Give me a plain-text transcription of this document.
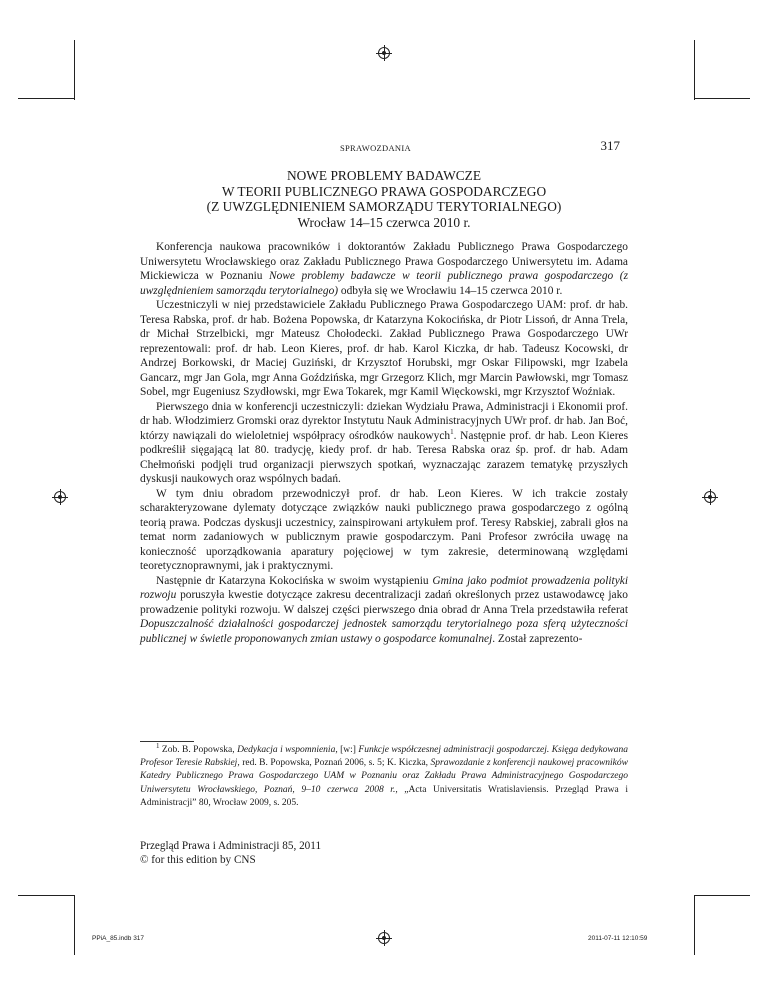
SPRAWOZDANIA	317
NOWE PROBLEMY BADAWCZE
W TEORII PUBLICZNEGO PRAWA GOSPODARCZEGO
(Z UWZGLĘDNIENIEM SAMORZĄDU TERYTORIALNEGO)
Wrocław 14–15 czerwca 2010 r.

Konferencja naukowa pracowników i doktorantów Zakładu Publicznego Prawa Gospodarczego Uniwersytetu Wrocławskiego oraz Zakładu Publicznego Prawa Gospodarczego Uniwersytetu im. Adama Mickiewicza w Poznaniu Nowe problemy badawcze w teorii publicznego prawa gospodarczego (z uwzględnieniem samorządu terytorialnego) odbyła się we Wrocławiu 14–15 czerwca 2010 r.

Uczestniczyli w niej przedstawiciele Zakładu Publicznego Prawa Gospodarczego UAM: prof. dr hab. Teresa Rabska, prof. dr hab. Bożena Popowska, dr Katarzyna Kokocińska, dr Piotr Lissoń, dr Anna Trela, dr Michał Strzelbicki, mgr Mateusz Chołodecki. Zakład Publicznego Prawa Gospodarczego UWr reprezentowali: prof. dr hab. Leon Kieres, prof. dr hab. Karol Kiczka, dr hab. Tadeusz Kocowski, dr Andrzej Borkowski, dr Maciej Guziński, dr Krzysztof Horubski, mgr Oskar Filipowski, mgr Izabela Gancarz, mgr Jan Gola, mgr Anna Goździńska, mgr Grzegorz Klich, mgr Marcin Pawłowski, mgr Tomasz Sobel, mgr Eugeniusz Szydłowski, mgr Ewa Tokarek, mgr Kamil Więckowski, mgr Krzysztof Woźniak.

Pierwszego dnia w konferencji uczestniczyli: dziekan Wydziału Prawa, Administracji i Ekonomii prof. dr hab. Włodzimierz Gromski oraz dyrektor Instytutu Nauk Administracyjnych UWr prof. dr hab. Jan Boć, którzy nawiązali do wieloletniej współpracy ośrodków naukowych$^1$. Następnie prof. dr hab. Leon Kieres podkreślił sięgającą lat 80. tradycję, kiedy prof. dr hab. Teresa Rabska oraz śp. prof. dr hab. Adam Chełmoński podjęli trud organizacji pierwszych spotkań, wyznaczając zarazem tematykę przyszłych dyskusji naukowych oraz wspólnych badań.

W tym dniu obradom przewodniczył prof. dr hab. Leon Kieres. W ich trakcie zostały scharakteryzowane dylematy dotyczące związków nauki publicznego prawa gospodarczego z ogólną teorią prawa. Podczas dyskusji uczestnicy, zainspirowani artykułem prof. Teresy Rabskiej, zabrali głos na temat norm zadaniowych w publicznym prawie gospodarczym. Pani Profesor zwróciła uwagę na konieczność uporządkowania aparatury pojęciowej w tym zakresie, determinowaną względami teoretycznoprawnymi, jak i praktycznymi.

Następnie dr Katarzyna Kokocińska w swoim wystąpieniu Gmina jako podmiot prowadzenia polityki rozwoju poruszyła kwestie dotyczące zakresu decentralizacji zadań określonych przez ustawodawcę jako prowadzenie polityki rozwoju. W dalszej części pierwszego dnia obrad dr Anna Trela przedstawiła referat Dopuszczalność działalności gospodarczej jednostek samorządu terytorialnego poza sferą użyteczności publicznej w świetle proponowanych zmian ustawy o gospodarce komunalnej. Został zaprezento-

$^1$ Zob. B. Popowska, Dedykacja i wspomnienia, [w:] Funkcje współczesnej administracji gospodarczej. Księga dedykowana Profesor Teresie Rabskiej, red. B. Popowska, Poznań 2006, s. 5; K. Kiczka, Sprawozdanie z konferencji naukowej pracowników Katedry Publicznego Prawa Gospodarczego UAM w Poznaniu oraz Zakładu Prawa Administracyjnego Gospodarczego Uniwersytetu Wrocławskiego, Poznań, 9–10 czerwca 2008 r., „Acta Universitatis Wratislaviensis. Przegląd Prawa i Administracji” 80, Wrocław 2009, s. 205.

Przegląd Prawa i Administracji 85, 2011
© for this edition by CNS
PPiA_85.indb 317	2011-07-11 12:10:59
